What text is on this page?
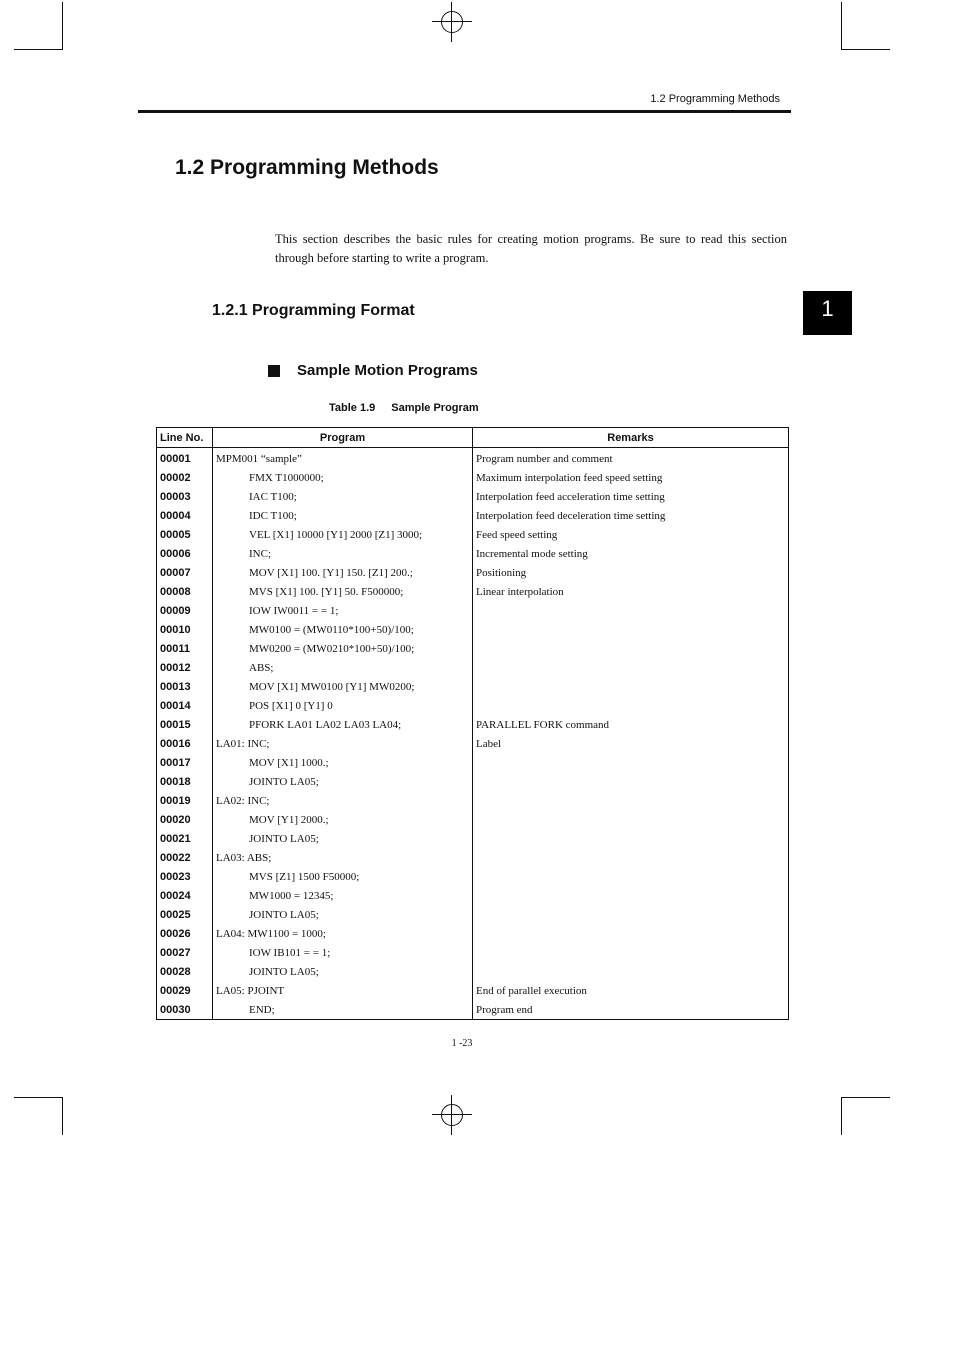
1.2 Programming Methods
1
1.2 Programming Methods

This section describes the basic rules for creating motion programs. Be sure to read this section through before starting to write a program.

1.2.1 Programming Format
Sample Motion Programs
Table 1.9 Sample Program
Line No.	Program	Remarks
00001	MPM001 “sample”	Program number and comment
00002	FMX T1000000;	Maximum interpolation feed speed setting
00003	IAC T100;	Interpolation feed acceleration time setting
00004	IDC T100;	Interpolation feed deceleration time setting
00005	VEL [X1] 10000 [Y1] 2000 [Z1] 3000;	Feed speed setting
00006	INC;	Incremental mode setting
00007	MOV [X1] 100. [Y1] 150. [Z1] 200.;	Positioning
00008	MVS [X1] 100. [Y1] 50. F500000;	Linear interpolation
00009	IOW IW0011 = = 1;	
00010	MW0100 = (MW0110*100+50)/100;	
00011	MW0200 = (MW0210*100+50)/100;	
00012	ABS;	
00013	MOV [X1] MW0100 [Y1] MW0200;	
00014	POS [X1] 0 [Y1] 0	
00015	PFORK LA01 LA02 LA03 LA04;	PARALLEL FORK command
00016	LA01: INC;	Label
00017	MOV [X1] 1000.;	
00018	JOINTO LA05;	
00019	LA02: INC;	
00020	MOV [Y1] 2000.;	
00021	JOINTO LA05;	
00022	LA03: ABS;	
00023	MVS [Z1] 1500 F50000;	
00024	MW1000 = 12345;	
00025	JOINTO LA05;	
00026	LA04: MW1100 = 1000;	
00027	IOW IB101 = = 1;	
00028	JOINTO LA05;	
00029	LA05: PJOINT	End of parallel execution
00030	END;	Program end
1 -23
